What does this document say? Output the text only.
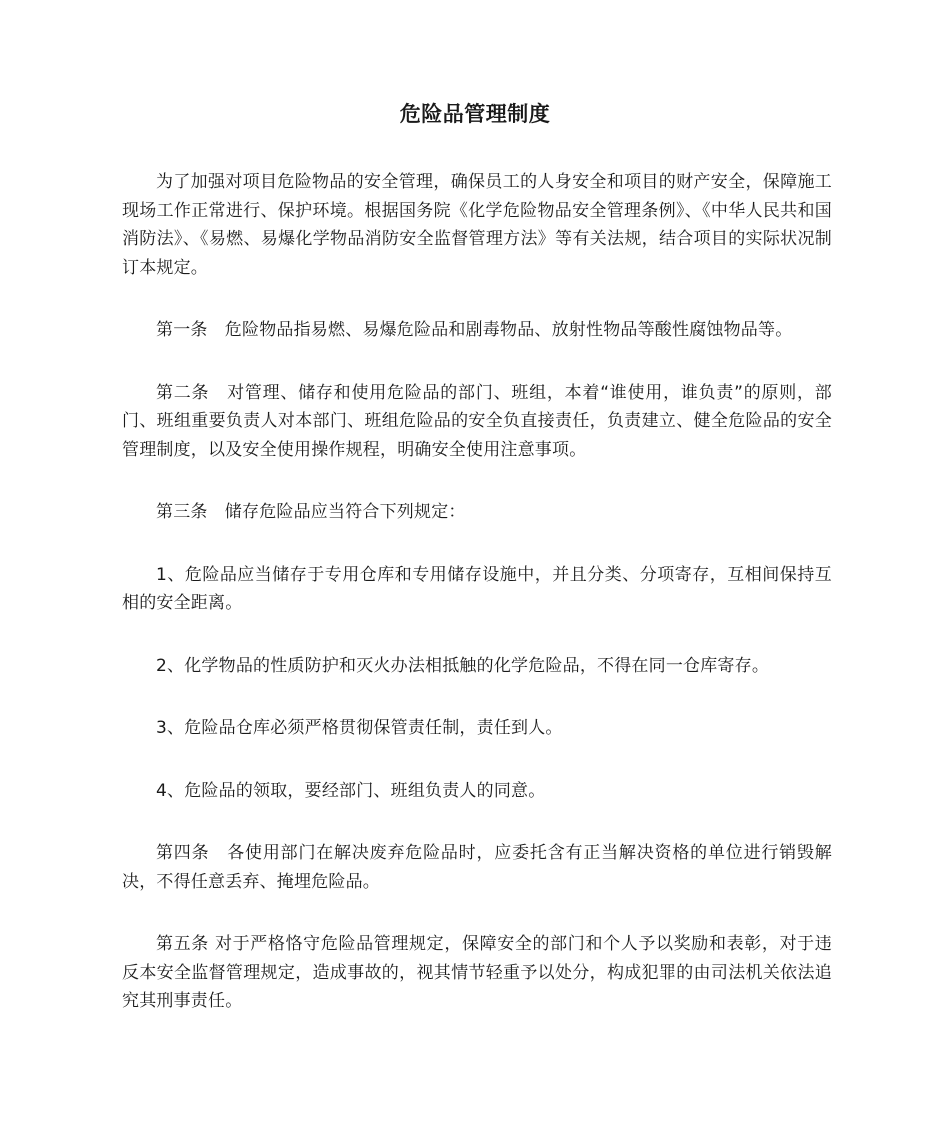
危险品管理制度

为了加强对项目危险物品的安全管理，确保员工的人身安全和项目的财产安全，保障施工现场工作正常进行、保护环境。根据国务院《化学危险物品安全管理条例》、《中华人民共和国消防法》、《易燃、易爆化学物品消防安全监督管理方法》等有关法规，结合项目的实际状况制订本规定。

第一条　危险物品指易燃、易爆危险品和剧毒物品、放射性物品等酸性腐蚀物品等。

第二条　对管理、储存和使用危险品的部门、班组，本着“谁使用，谁负责”的原则，部门、班组重要负责人对本部门、班组危险品的安全负直接责任，负责建立、健全危险品的安全管理制度，以及安全使用操作规程，明确安全使用注意事项。

第三条　储存危险品应当符合下列规定：

1、危险品应当储存于专用仓库和专用储存设施中，并且分类、分项寄存，互相间保持互相的安全距离。

2、化学物品的性质防护和灭火办法相抵触的化学危险品，不得在同一仓库寄存。

3、危险品仓库必须严格贯彻保管责任制，责任到人。

4、危险品的领取，要经部门、班组负责人的同意。

第四条　各使用部门在解决废弃危险品时，应委托含有正当解决资格的单位进行销毁解决，不得任意丢弃、掩埋危险品。

第五条 对于严格恪守危险品管理规定，保障安全的部门和个人予以奖励和表彰，对于违反本安全监督管理规定，造成事故的，视其情节轻重予以处分，构成犯罪的由司法机关依法追究其刑事责任。
